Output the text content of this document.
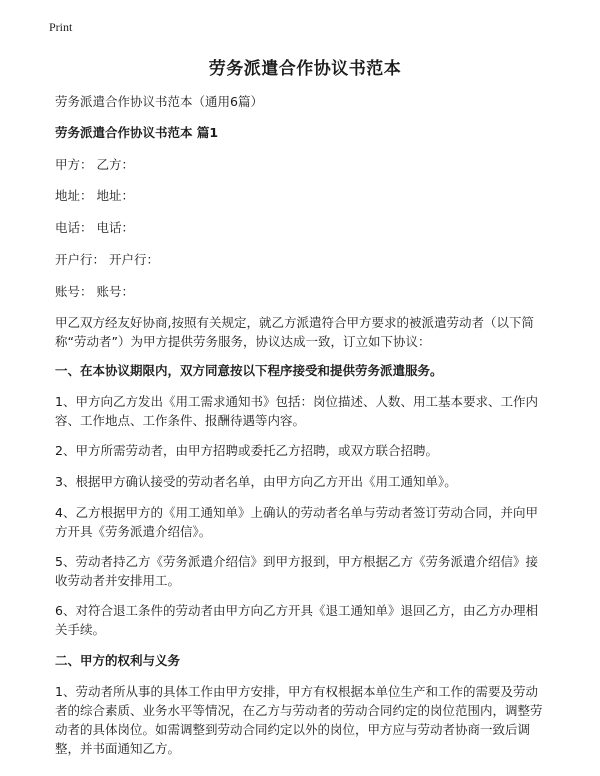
Print
劳务派遣合作协议书范本
劳务派遣合作协议书范本（通用6篇）
劳务派遣合作协议书范本 篇1
甲方： 乙方：
地址： 地址：
电话： 电话：
开户行： 开户行：
账号： 账号：
甲乙双方经友好协商,按照有关规定，就乙方派遣符合甲方要求的被派遣劳动者（以下简称“劳动者”）为甲方提供劳务服务，协议达成一致，订立如下协议：
一、在本协议期限内，双方同意按以下程序接受和提供劳务派遣服务。
1、甲方向乙方发出《用工需求通知书》包括：岗位描述、人数、用工基本要求、工作内容、工作地点、工作条件、报酬待遇等内容。
2、甲方所需劳动者，由甲方招聘或委托乙方招聘，或双方联合招聘。
3、根据甲方确认接受的劳动者名单，由甲方向乙方开出《用工通知单》。
4、乙方根据甲方的《用工通知单》上确认的劳动者名单与劳动者签订劳动合同，并向甲方开具《劳务派遣介绍信》。
5、劳动者持乙方《劳务派遣介绍信》到甲方报到，甲方根据乙方《劳务派遣介绍信》接收劳动者并安排用工。
6、对符合退工条件的劳动者由甲方向乙方开具《退工通知单》退回乙方，由乙方办理相关手续。
二、甲方的权利与义务
1、劳动者所从事的具体工作由甲方安排，甲方有权根据本单位生产和工作的需要及劳动者的综合素质、业务水平等情况，在乙方与劳动者的劳动合同约定的岗位范围内，调整劳动者的具体岗位。如需调整到劳动合同约定以外的岗位，甲方应与劳动者协商一致后调整，并书面通知乙方。
